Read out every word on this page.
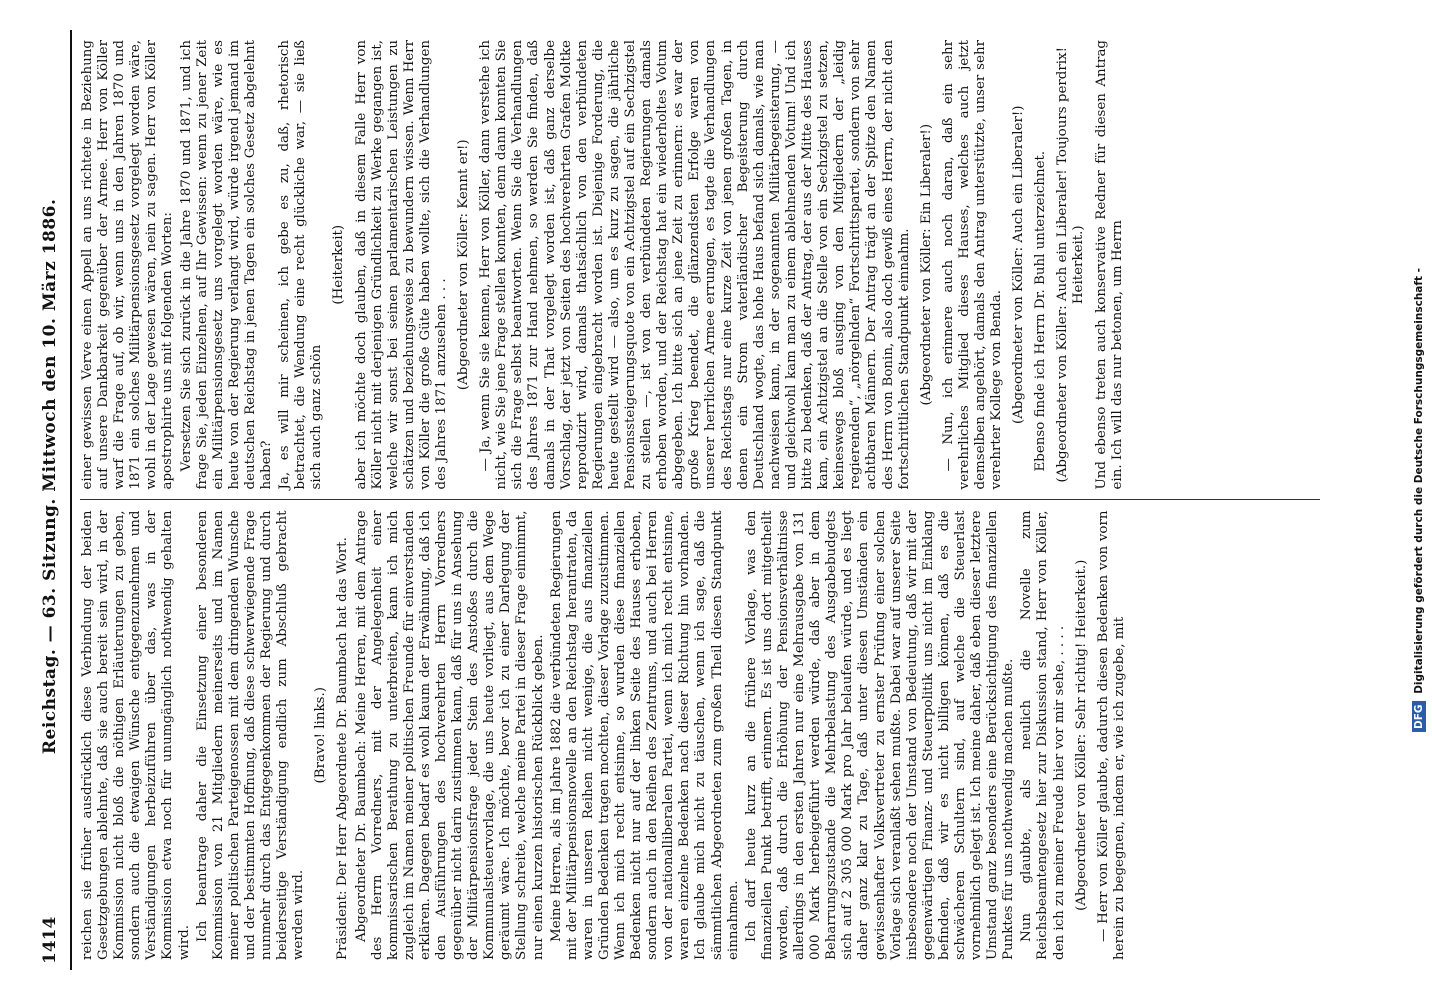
1414
Reichstag. — 63. Sitzung. Mittwoch den 10. März 1886. reichen sie früher ausdrücklich diese Verbindung der beiden Gesetzgebungen ablehnte, daß sie auch bereit sein wird, in der Kommission nicht bloß die nöthigen Erläuterungen zu geben, sondern auch die etwaigen Wünsche entgegenzunehmen und Verständigungen herbeizuführen über das, was in der Kommission etwa noch für unumgänglich nothwendig gehalten wird.

Ich beantrage daher die Einsetzung einer besonderen Kommission von 21 Mitgliedern meinerseits und im Namen meiner politischen Parteigenossen mit dem dringenden Wunsche und der bestimmten Hoffnung, daß diese schwerwiegende Frage nunmehr durch das Entgegenkommen der Regierung und durch beiderseitige Verständigung endlich zum Abschluß gebracht werden wird.

(Bravo! links.) Präsident: Der Herr Abgeordnete Dr. Baumbach hat das Wort. Abgeordneter Dr. Baumbach: Meine Herren, mit dem Antrage des Herrn Vorredners, mit der Angelegenheit einer kommissarischen Berathung zu unterbreiten, kann ich mich zugleich im Namen meiner politischen Freunde für einverstanden erklären. Dagegen bedarf es wohl kaum der Erwähnung, daß ich den Ausführungen des hochverehrten Herrn Vorredners gegenüber nicht darin zustimmen kann, daß für uns in Ansehung der Militärpensionsfrage jeder Stein des Anstoßes durch die Kommunalsteuervorlage, die uns heute vorliegt, aus dem Wege geräumt wäre. Ich möchte, bevor ich zu einer Darlegung der Stellung schreite, welche meine Partei in dieser Frage einnimmt, nur einen kurzen historischen Rückblick geben. Meine Herren, als im Jahre 1882 die verbündeten Regierungen mit der Militärpensionsnovelle an den Reichstag herantraten, da waren in unseren Reihen nicht wenige, die aus finanziellen Gründen Bedenken tragen mochten, dieser Vorlage zuzustimmen. Wenn ich mich recht entsinne, so wurden diese finanziellen Bedenken nicht nur auf der linken Seite des Hauses erhoben, sondern auch in den Reihen des Zentrums, und auch bei Herren von der nationalliberalen Partei, wenn ich mich recht entsinne, waren einzelne Bedenken nach dieser Richtung hin vorhanden. Ich glaube mich nicht zu täuschen, wenn ich sage, daß die sämmtlichen Abgeordneten zum großen Theil diesen Standpunkt einnahmen. Ich darf heute kurz an die frühere Vorlage, was den finanziellen Punkt betrifft, erinnern. Es ist uns dort mitgetheilt worden, daß durch die Erhöhung der Pensionsverhältnisse allerdings in den ersten Jahren nur eine Mehrausgabe von 131 000 Mark herbeigeführt werden würde, daß aber in dem Beharrungszustande die Mehrbelastung des Ausgabebudgets sich auf 2 305 000 Mark pro Jahr belaufen würde, und es liegt daher ganz klar zu Tage, daß unter diesen Umständen ein gewissenhafter Volksvertreter zu ernster Prüfung einer solchen Vorlage sich veranlaßt sehen mußte. Dabei war auf unserer Seite insbesondere noch der Umstand von Bedeutung, daß wir mit der gegenwärtigen Finanz- und Steuerpolitik uns nicht im Einklang befinden, daß wir es nicht billigen können, daß es die schwächeren Schultern sind, auf welche die Steuerlast vornehmlich gelegt ist. Ich meine daher, daß eben dieser letztere Umstand ganz besonders eine Berücksichtigung des finanziellen Punktes für uns nothwendig machen mußte. Nun glaubte, als neulich die Novelle zum Reichsbeamtengesetz hier zur Diskussion stand, Herr von Köller, den ich zu meiner Freude hier vor mir sehe, . . . . (Abgeordneter von Köller: Sehr richtig! Heiterkeit.) — Herr von Köller glaubte, dadurch diesen Bedenken von vorn herein zu begegnen, indem er, wie ich zugebe, mit

einer gewissen Verve einen Appell an uns richtete in Beziehung auf unsere Dankbarkeit gegenüber der Armee. Herr von Köller warf die Frage auf, ob wir, wenn uns in den Jahren 1870 und 1871 ein solches Militärpensionsgesetz vorgelegt worden wäre, wohl in der Lage gewesen wären, nein zu sagen. Herr von Köller apostrophirte uns mit folgenden Worten: Versetzen Sie sich zurück in die Jahre 1870 und 1871, und ich frage Sie, jeden Einzelnen, auf Ihr Gewissen: wenn zu jener Zeit ein Militärpensionsgesetz uns vorgelegt worden wäre, wie es heute von der Regierung verlangt wird, würde irgend jemand im deutschen Reichstag in jenen Tagen ein solches Gesetz abgelehnt haben? Ja, es will mir scheinen, ich gebe es zu, daß, rhetorisch betrachtet, die Wendung eine recht glückliche war, — sie ließ sich auch ganz schön

(Heiterkeit) aber ich möchte doch glauben, daß in diesem Falle Herr von Köller nicht mit derjenigen Gründlichkeit zu Werke gegangen ist, welche wir sonst bei seinen parlamentarischen Leistungen zu schätzen und beziehungsweise zu bewundern wissen. Wenn Herr von Köller die große Güte haben wollte, sich die Verhandlungen des Jahres 1871 anzusehen . . . (Abgeordneter von Köller: Kennt er!) — Ja, wenn Sie sie kennen, Herr von Köller, dann verstehe ich nicht, wie Sie jene Frage stellen konnten, denn dann konnten Sie sich die Frage selbst beantworten. Wenn Sie die Verhandlungen des Jahres 1871 zur Hand nehmen, so werden Sie finden, daß damals in der That vorgelegt worden ist, daß ganz derselbe Vorschlag, der jetzt von Seiten des hochverehrten Grafen Moltke reproduzirt wird, damals thatsächlich von den verbündeten Regierungen eingebracht worden ist. Diejenige Forderung, die heute gestellt wird — also, um es kurz zu sagen, die jährliche Pensionssteigerungsquote von ein Achtzigstel auf ein Sechzigstel zu stellen —, ist von den verbündeten Regierungen damals erhoben worden, und der Reichstag hat ein wiederholtes Votum abgegeben. Ich bitte sich an jene Zeit zu erinnern: es war der große Krieg beendet, die glänzendsten Erfolge waren von unserer herrlichen Armee errungen, es tagte die Verhandlungen des Reichstags nur eine kurze Zeit von jenen großen Tagen, in denen ein Strom vaterländischer Begeisterung durch Deutschland wogte, das hohe Haus befand sich damals, wie man nachweisen kann, in der sogenannten Militärbegeisterung, — und gleichwohl kam man zu einem ablehnenden Votum! Und ich bitte zu bedenken, daß der Antrag, der aus der Mitte des Hauses kam, ein Achtzigstel an die Stelle von ein Sechzigstel zu setzen, keineswegs bloß ausging von den Mitgliedern der „leidig regierenden“, „nörgelnden“ Fortschrittspartei, sondern von sehr achtbaren Männern. Der Antrag trägt an der Spitze den Namen des Herrn von Bonin, also doch gewiß eines Herrn, der nicht den fortschrittlichen Standpunkt einnahm. (Abgeordneter von Köller: Ein Liberaler!) — Nun, ich erinnere auch noch daran, daß ein sehr verehrliches Mitglied dieses Hauses, welches auch jetzt demselben angehört, damals den Antrag unterstützte, unser sehr verehrter Kollege von Benda. (Abgeordneter von Köller: Auch ein Liberaler!) Ebenso finde ich Herrn Dr. Buhl unterzeichnet. (Abgeordneter von Köller: Auch ein Liberaler! Toujours perdrix! Heiterkeit.) Und ebenso treten auch konservative Redner für diesen Antrag ein. Ich will das nur betonen, um Herrn

DFG Digitalisierung gefördert durch die Deutsche Forschungsgemeinschaft -
